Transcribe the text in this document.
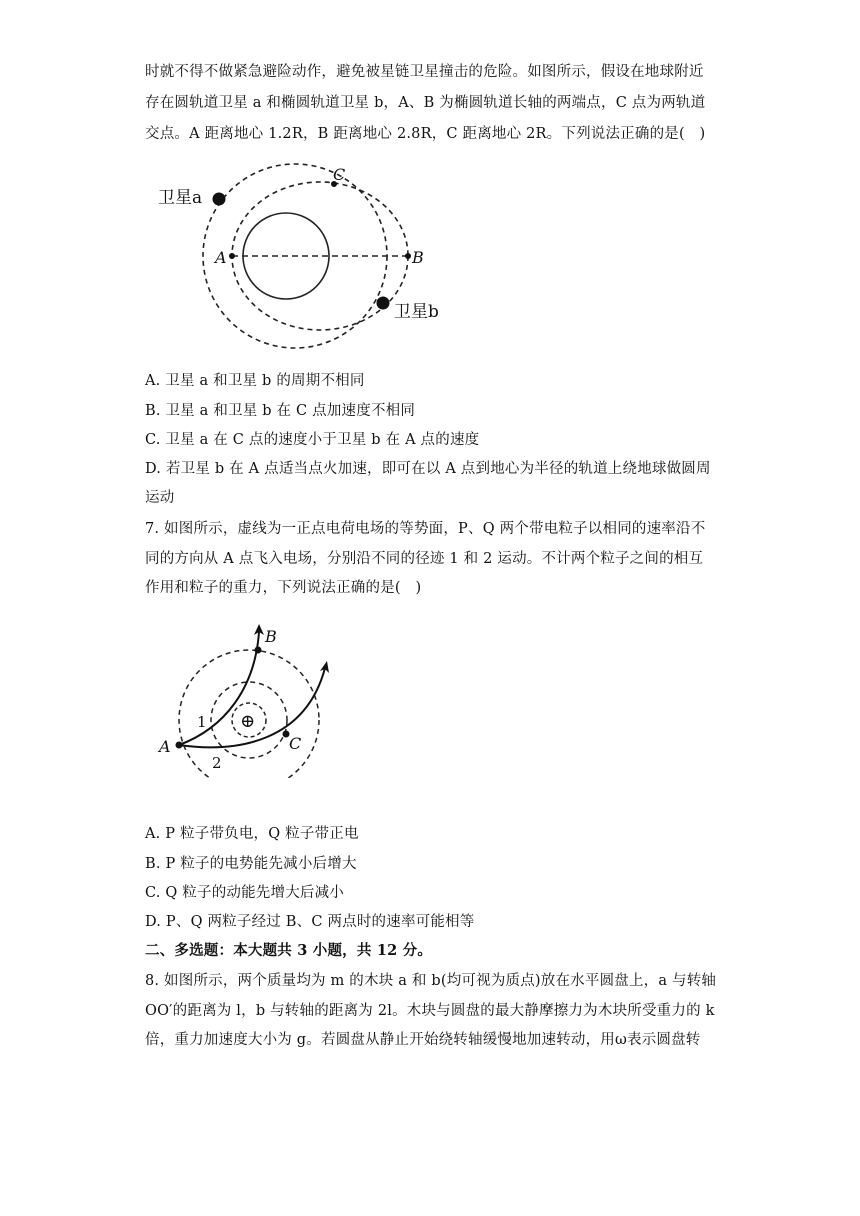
时就不得不做紧急避险动作，避免被星链卫星撞击的危险。如图所示，假设在地球附近
存在圆轨道卫星 a 和椭圆轨道卫星 b，A、B 为椭圆轨道长轴的两端点，C 点为两轨道
交点。A 距离地心 1.2R，B 距离地心 2.8R，C 距离地心 2R。下列说法正确的是(　)
卫星a
卫星b
A	B
C
A. 卫星 a 和卫星 b 的周期不相同
B. 卫星 a 和卫星 b 在 C 点加速度不相同
C. 卫星 a 在 C 点的速度小于卫星 b 在 A 点的速度
D. 若卫星 b 在 A 点适当点火加速，即可在以 A 点到地心为半径的轨道上绕地球做圆周
运动
7. 如图所示，虚线为一正点电荷电场的等势面，P、Q 两个带电粒子以相同的速率沿不
同的方向从 A 点飞入电场，分别沿不同的径迹 1 和 2 运动。不计两个粒子之间的相互
作用和粒子的重力，下列说法正确的是(　)
⊕
A
B
C
1
2
A. P 粒子带负电，Q 粒子带正电
B. P 粒子的电势能先减小后增大
C. Q 粒子的动能先增大后减小
D. P、Q 两粒子经过 B、C 两点时的速率可能相等
二、多选题：本大题共 3 小题，共 12 分。
8. 如图所示，两个质量均为 m 的木块 a 和 b(均可视为质点)放在水平圆盘上，a 与转轴
OO′的距离为 l，b 与转轴的距离为 2l。木块与圆盘的最大静摩擦力为木块所受重力的 k
倍，重力加速度大小为 g。若圆盘从静止开始绕转轴缓慢地加速转动，用ω表示圆盘转
